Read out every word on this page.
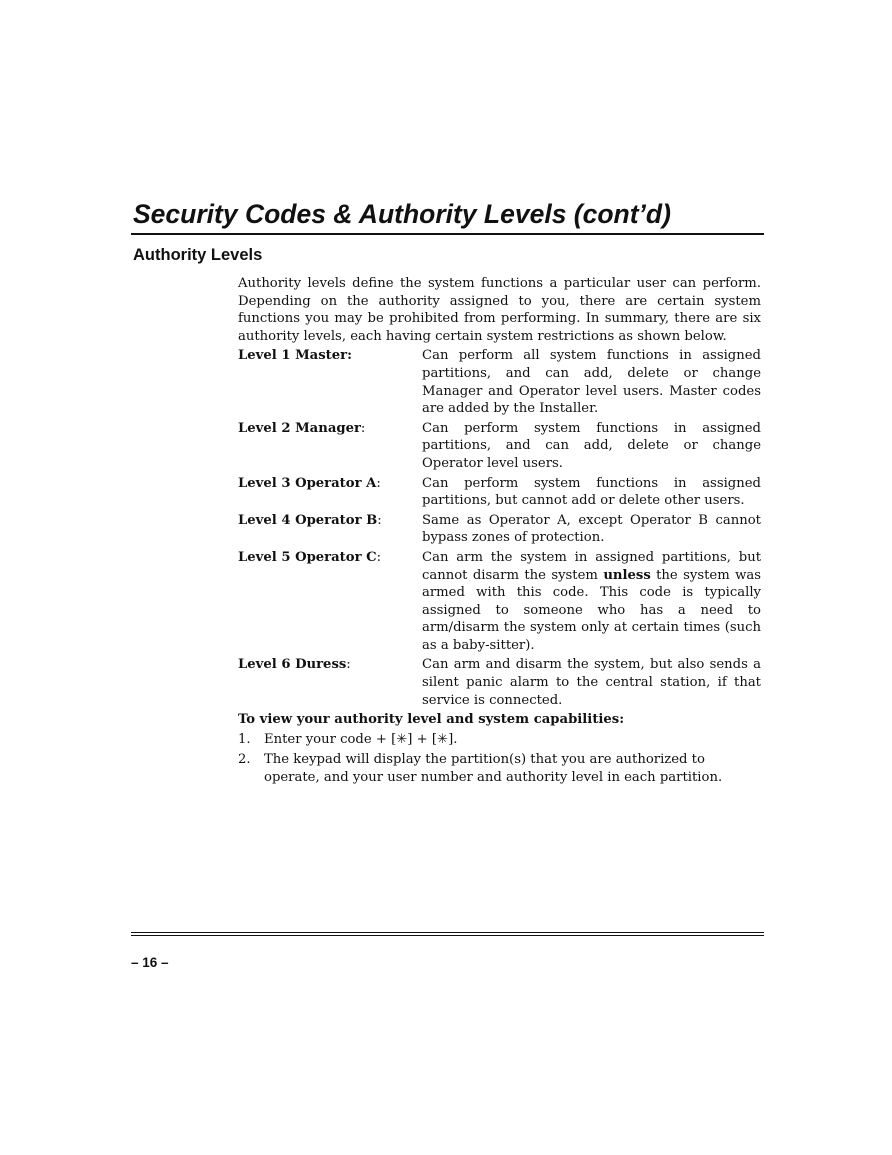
Security Codes & Authority Levels (cont’d)
Authority Levels

Authority levels define the system functions a particular user can perform. Depending on the authority assigned to you, there are certain system functions you may be prohibited from performing. In summary, there are six authority levels, each having certain system restrictions as shown below.

Level 1 Master:	Can perform all system functions in assigned partitions, and can add, delete or change Manager and Operator level users. Master codes are added by the Installer.
Level 2 Manager:	Can perform system functions in assigned partitions, and can add, delete or change Operator level users.
Level 3 Operator A:	Can perform system functions in assigned partitions, but cannot add or delete other users.
Level 4 Operator B:	Same as Operator A, except Operator B cannot bypass zones of protection.
Level 5 Operator C:	Can arm the system in assigned partitions, but cannot disarm the system unless the system was armed with this code. This code is typically assigned to someone who has a need to arm/disarm the system only at certain times (such as a baby-sitter).
Level 6 Duress:	Can arm and disarm the system, but also sends a silent panic alarm to the central station, if that service is connected.

To view your authority level and system capabilities:

1.	Enter your code + [✳] + [✳].
2.	The keypad will display the partition(s) that you are authorized to operate, and your user number and authority level in each partition.
– 16 –
